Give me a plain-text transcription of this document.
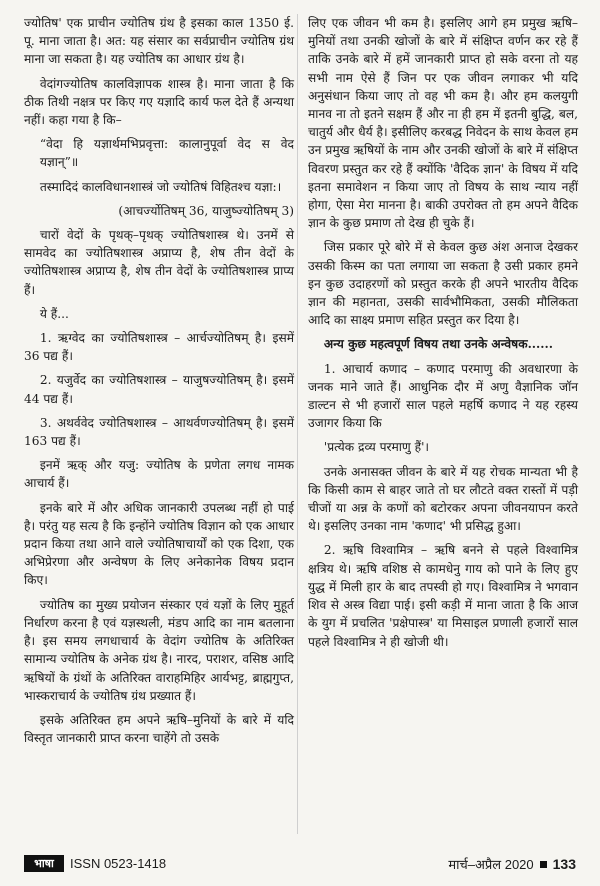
ज्योतिष' एक प्राचीन ज्योतिष ग्रंथ है इसका काल 1350 ई. पू. माना जाता है। अत: यह संसार का सर्वप्राचीन ज्योतिष ग्रंथ माना जा सकता है। यह ज्योतिष का आधार ग्रंथ है।

वेदांगज्योतिष कालविज्ञापक शास्त्र है। माना जाता है कि ठीक तिथी नक्षत्र पर किए गए यज्ञादि कार्य फल देते हैं अन्यथा नहीं। कहा गया है कि–

“वेदा हि यज्ञार्थमभिप्रवृत्ता: कालानुपूर्वा वेद स वेद यज्ञान्”॥

तस्मादिदं कालविधानशास्त्रं जो ज्योतिषं विहितश्च यज्ञा:।

(आचर्ज्योतिषम् 36, याजुष्ज्योतिषम् 3)

चारों वेदों के पृथक्–पृथक् ज्योतिषशास्त्र थे। उनमें से सामवेद का ज्योतिषशास्त्र अप्राप्य है, शेष तीन वेदों के ज्योतिषशास्त्र अप्राप्य है, शेष तीन वेदों के ज्योतिषशास्त्र प्राप्य हैं।

ये हैं...

1. ऋग्वेद का ज्योतिषशास्त्र – आर्चज्योतिषम् है। इसमें 36 पद्य हैं।

2. यजुर्वेद का ज्योतिषशास्त्र – याजुषज्योतिषम् है। इसमें 44 पद्य हैं।

3. अथर्ववेद ज्योतिषशास्त्र – आथर्वणज्योतिषम् है। इसमें 163 पद्य हैं।

इनमें ऋक् और यजु: ज्योतिष के प्रणेता लगध नामक आचार्य हैं।

इनके बारे में और अधिक जानकारी उपलब्ध नहीं हो पाई है। परंतु यह सत्य है कि इन्होंने ज्योतिष विज्ञान को एक आधार प्रदान किया तथा आने वाले ज्योतिषाचार्यों को एक दिशा, एक अभिप्रेरणा और अन्वेषण के लिए अनेकानेक विषय प्रदान किए।

ज्योतिष का मुख्य प्रयोजन संस्कार एवं यज्ञों के लिए मुहूर्त निर्धारण करना है एवं यज्ञस्थली, मंडप आदि का नाम बतलाना है। इस समय लगधाचार्य के वेदांग ज्योतिष के अतिरिक्त सामान्य ज्योतिष के अनेक ग्रंथ है। नारद, पराशर, वसिष्ठ आदि ऋषियों के ग्रंथों के अतिरिक्त वाराहमिहिर आर्यभट्ट, ब्राह्मगुप्त, भास्कराचार्य के ज्योतिष ग्रंथ प्रख्यात हैं।

इसके अतिरिक्त हम अपने ऋषि–मुनियों के बारे में यदि विस्तृत जानकारी प्राप्त करना चाहेंगे तो उसके

लिए एक जीवन भी कम है। इसलिए आगे हम प्रमुख ऋषि–मुनियों तथा उनकी खोजों के बारे में संक्षिप्त वर्णन कर रहे हैं ताकि उनके बारे में हमें जानकारी प्राप्त हो सके वरना तो यह सभी नाम ऐसे हैं जिन पर एक जीवन लगाकर भी यदि अनुसंधान किया जाए तो वह भी कम है। और हम कलयुगी मानव ना तो इतने सक्षम हैं और ना ही हम में इतनी बुद्धि, बल, चातुर्य और धैर्य है। इसीलिए करबद्ध निवेदन के साथ केवल हम उन प्रमुख ऋषियों के नाम और उनकी खोजों के बारे में संक्षिप्त विवरण प्रस्तुत कर रहे हैं क्योंकि 'वैदिक ज्ञान' के विषय में यदि इतना समावेशन न किया जाए तो विषय के साथ न्याय नहीं होगा, ऐसा मेरा मानना है। बाकी उपरोक्त तो हम अपने वैदिक ज्ञान के कुछ प्रमाण तो देख ही चुके हैं।

जिस प्रकार पूरे बोरे में से केवल कुछ अंश अनाज देखकर उसकी किस्म का पता लगाया जा सकता है उसी प्रकार हमने इन कुछ उदाहरणों को प्रस्तुत करके ही अपने भारतीय वैदिक ज्ञान की महानता, उसकी सार्वभौमिकता, उसकी मौलिकता आदि का साक्ष्य प्रमाण सहित प्रस्तुत कर दिया है।

अन्य कुछ महत्वपूर्ण विषय तथा उनके अन्वेषक......

1. आचार्य कणाद – कणाद परमाणु की अवधारणा के जनक माने जाते हैं। आधुनिक दौर में अणु वैज्ञानिक जॉन डाल्टन से भी हजारों साल पहले महर्षि कणाद ने यह रहस्य उजागर किया कि

'प्रत्येक द्रव्य परमाणु हैं'।

उनके अनासक्त जीवन के बारे में यह रोचक मान्यता भी है कि किसी काम से बाहर जाते तो घर लौटते वक्त रास्तों में पड़ी चीजों या अन्न के कणों को बटोरकर अपना जीवनयापन करते थे। इसलिए उनका नाम 'कणाद' भी प्रसिद्ध हुआ।

2. ऋषि विश्वामित्र – ऋषि बनने से पहले विश्वामित्र क्षत्रिय थे। ऋषि वशिष्ठ से कामधेनु गाय को पाने के लिए हुए युद्ध में मिली हार के बाद तपस्वी हो गए। विश्वामित्र ने भगवान शिव से अस्त्र विद्या पाई। इसी कड़ी में माना जाता है कि आज के युग में प्रचलित 'प्रक्षेपास्त्र' या मिसाइल प्रणाली हजारों साल पहले विश्वामित्र ने ही खोजी थी।

भाषा	ISSN 0523-1418	मार्च–अप्रैल 2020 133
